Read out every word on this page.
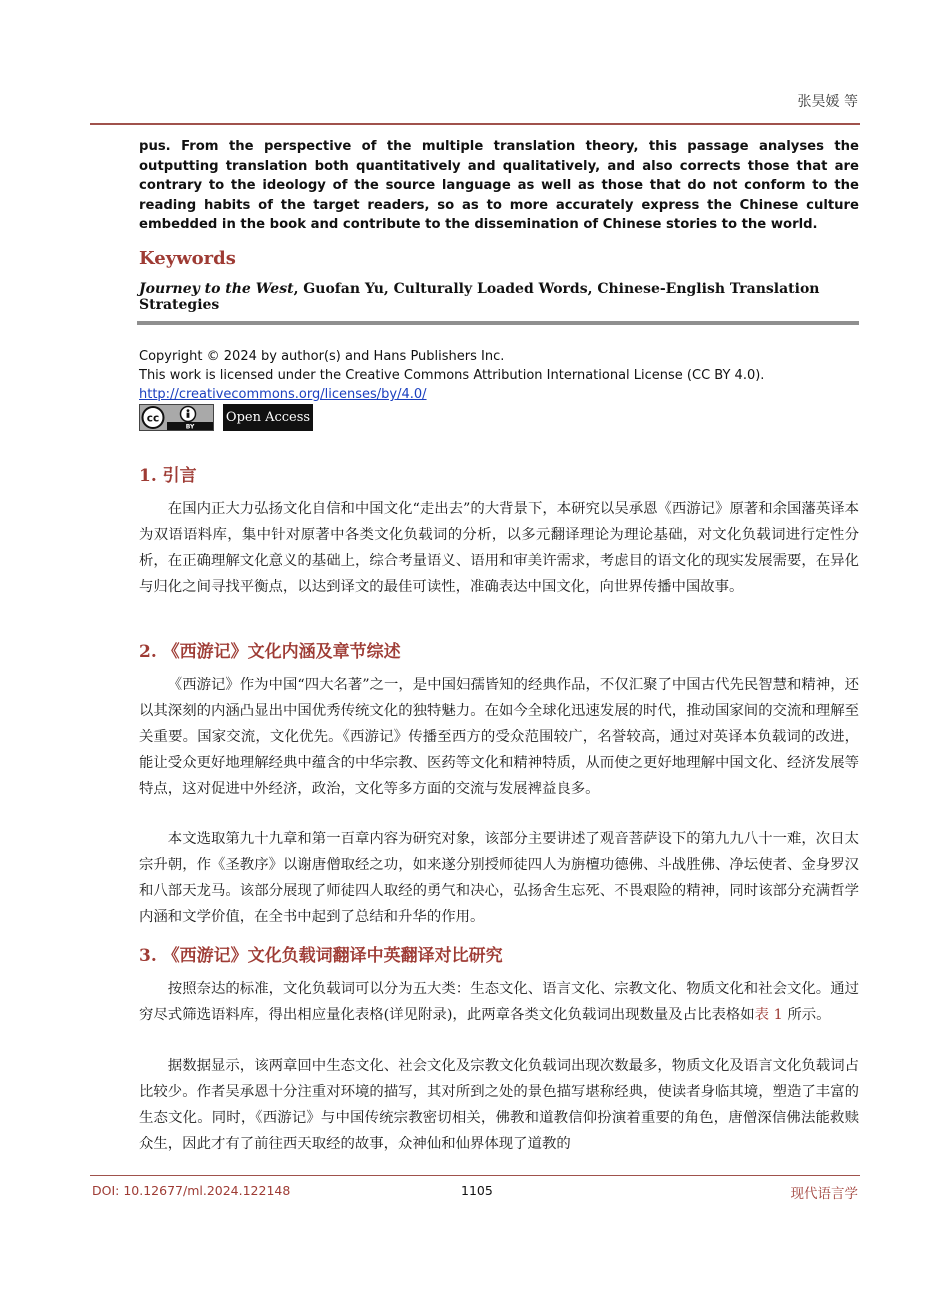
张昊媛 等
pus. From the perspective of the multiple translation theory, this passage analyses the outputting translation both quantitatively and qualitatively, and also corrects those that are contrary to the ideology of the source language as well as those that do not conform to the reading habits of the target readers, so as to more accurately express the Chinese culture embedded in the book and contribute to the dissemination of Chinese stories to the world.
Keywords
Journey to the West, Guofan Yu, Culturally Loaded Words, Chinese-English Translation Strategies
Copyright © 2024 by author(s) and Hans Publishers Inc.
This work is licensed under the Creative Commons Attribution International License (CC BY 4.0).
http://creativecommons.org/licenses/by/4.0/
cc
BY
Open Access
1. 引言

在国内正大力弘扬文化自信和中国文化“走出去”的大背景下，本研究以吴承恩《西游记》原著和余国藩英译本为双语语料库，集中针对原著中各类文化负载词的分析，以多元翻译理论为理论基础，对文化负载词进行定性分析，在正确理解文化意义的基础上，综合考量语义、语用和审美许需求，考虑目的语文化的现实发展需要，在异化与归化之间寻找平衡点，以达到译文的最佳可读性，准确表达中国文化，向世界传播中国故事。

2. 《西游记》文化内涵及章节综述

《西游记》作为中国“四大名著”之一，是中国妇孺皆知的经典作品，不仅汇聚了中国古代先民智慧和精神，还以其深刻的内涵凸显出中国优秀传统文化的独特魅力。在如今全球化迅速发展的时代，推动国家间的交流和理解至关重要。国家交流，文化优先。《西游记》传播至西方的受众范围较广，名誉较高，通过对英译本负载词的改进，能让受众更好地理解经典中蕴含的中华宗教、医药等文化和精神特质，从而使之更好地理解中国文化、经济发展等特点，这对促进中外经济，政治，文化等多方面的交流与发展裨益良多。

本文选取第九十九章和第一百章内容为研究对象，该部分主要讲述了观音菩萨设下的第九九八十一难，次日太宗升朝，作《圣教序》以谢唐僧取经之功，如来遂分别授师徒四人为旃檀功德佛、斗战胜佛、净坛使者、金身罗汉和八部天龙马。该部分展现了师徒四人取经的勇气和决心，弘扬舍生忘死、不畏艰险的精神，同时该部分充满哲学内涵和文学价值，在全书中起到了总结和升华的作用。

3. 《西游记》文化负载词翻译中英翻译对比研究

按照奈达的标准，文化负载词可以分为五大类：生态文化、语言文化、宗教文化、物质文化和社会文化。通过穷尽式筛选语料库，得出相应量化表格(详见附录)，此两章各类文化负载词出现数量及占比表格如表 1 所示。

据数据显示，该两章回中生态文化、社会文化及宗教文化负载词出现次数最多，物质文化及语言文化负载词占比较少。作者吴承恩十分注重对环境的描写，其对所到之处的景色描写堪称经典，使读者身临其境，塑造了丰富的生态文化。同时，《西游记》与中国传统宗教密切相关，佛教和道教信仰扮演着重要的角色，唐僧深信佛法能救赎众生，因此才有了前往西天取经的故事，众神仙和仙界体现了道教的

DOI: 10.12677/ml.2024.122148	1105	现代语言学
